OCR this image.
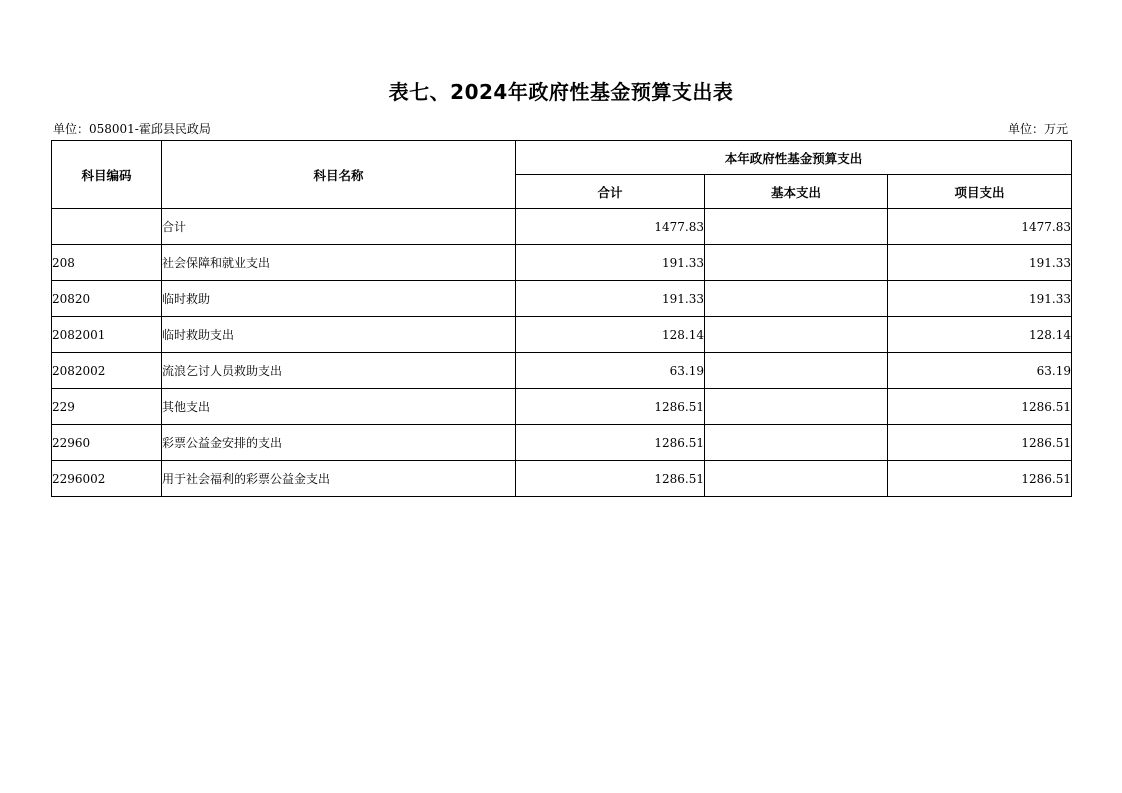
表七、2024年政府性基金预算支出表
单位：058001-霍邱县民政局	单位：万元
科目编码	科目名称	本年政府性基金预算支出		
		合计	基本支出	项目支出
	合计	1477.83		1477.83
208	社会保障和就业支出	191.33		191.33
20820	临时救助	191.33		191.33
2082001	临时救助支出	128.14		128.14
2082002	流浪乞讨人员救助支出	63.19		63.19
229	其他支出	1286.51		1286.51
22960	彩票公益金安排的支出	1286.51		1286.51
2296002	用于社会福利的彩票公益金支出	1286.51		1286.51
